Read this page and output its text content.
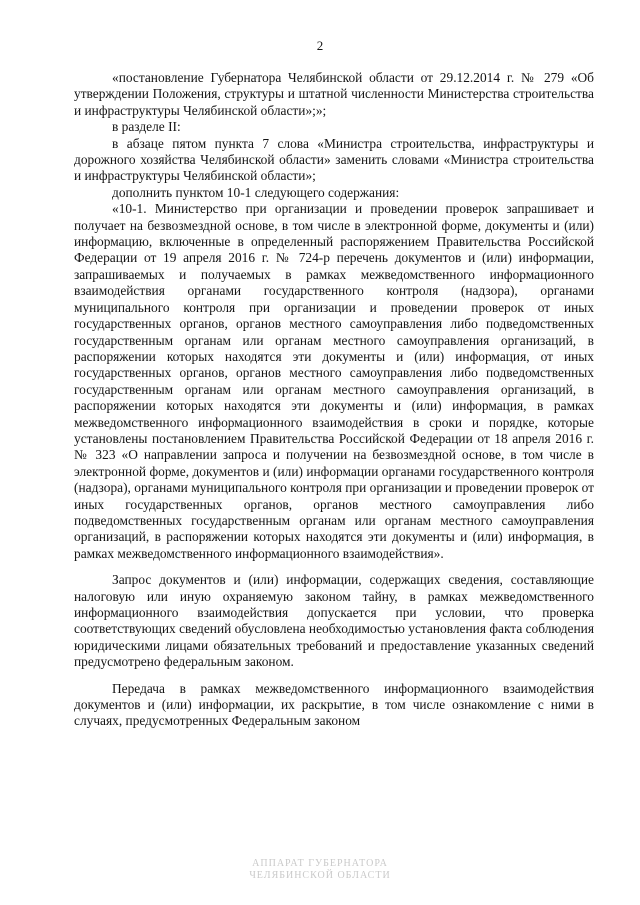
2

«постановление Губернатора Челябинской области от 29.12.2014 г. № 279 «Об утверждении Положения, структуры и штатной численности Министерства строительства и инфраструктуры Челябинской области»;»;

в разделе II:

в абзаце пятом пункта 7 слова «Министра строительства, инфраструктуры и дорожного хозяйства Челябинской области» заменить словами «Министра строительства и инфраструктуры Челябинской области»;

дополнить пунктом 10-1 следующего содержания:

«10-1. Министерство при организации и проведении проверок запрашивает и получает на безвозмездной основе, в том числе в электронной форме, документы и (или) информацию, включенные в определенный распоряжением Правительства Российской Федерации от 19 апреля 2016 г. № 724-р перечень документов и (или) информации, запрашиваемых и получаемых в рамках межведомственного информационного взаимодействия органами государственного контроля (надзора), органами муниципального контроля при организации и проведении проверок от иных государственных органов, органов местного самоуправления либо подведомственных государственным органам или органам местного самоуправления организаций, в распоряжении которых находятся эти документы и (или) информация, от иных государственных органов, органов местного самоуправления либо подведомственных государственным органам или органам местного самоуправления организаций, в распоряжении которых находятся эти документы и (или) информация, в рамках межведомственного информационного взаимодействия в сроки и порядке, которые установлены постановлением Правительства Российской Федерации от 18 апреля 2016 г. № 323 «О направлении запроса и получении на безвозмездной основе, в том числе в электронной форме, документов и (или) информации органами государственного контроля (надзора), органами муниципального контроля при организации и проведении проверок от иных государственных органов, органов местного самоуправления либо подведомственных государственным органам или органам местного самоуправления организаций, в распоряжении которых находятся эти документы и (или) информация, в рамках межведомственного информационного взаимодействия».

Запрос документов и (или) информации, содержащих сведения, составляющие налоговую или иную охраняемую законом тайну, в рамках межведомственного информационного взаимодействия допускается при условии, что проверка соответствующих сведений обусловлена необходимостью установления факта соблюдения юридическими лицами обязательных требований и предоставление указанных сведений предусмотрено федеральным законом.

Передача в рамках межведомственного информационного взаимодействия документов и (или) информации, их раскрытие, в том числе ознакомление с ними в случаях, предусмотренных Федеральным законом

АППАРАТ ГУБЕРНАТОРА
ЧЕЛЯБИНСКОЙ ОБЛАСТИ
